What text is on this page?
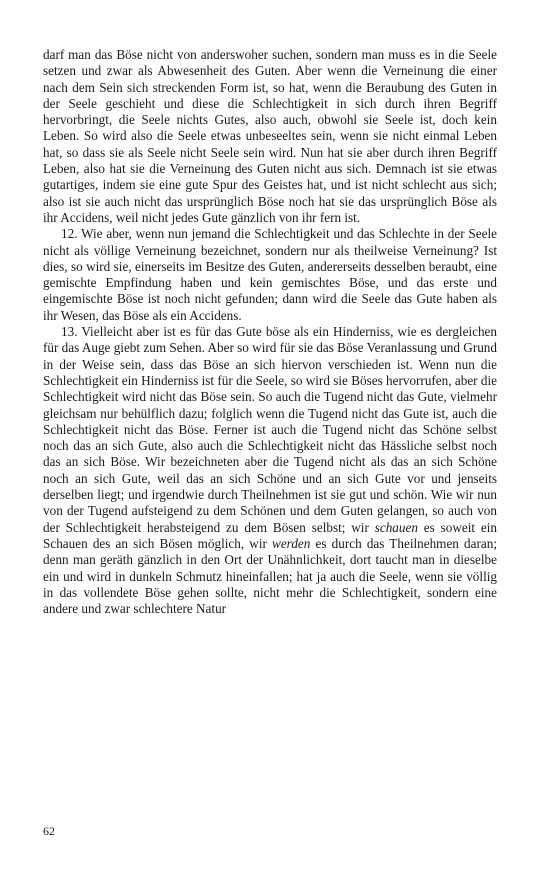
darf man das Böse nicht von anderswoher suchen, sondern man muss es in die Seele setzen und zwar als Abwesenheit des Guten. Aber wenn die Verneinung die einer nach dem Sein sich streckenden Form ist, so hat, wenn die Beraubung des Guten in der Seele geschieht und diese die Schlechtigkeit in sich durch ihren Begriff hervorbringt, die Seele nichts Gutes, also auch, obwohl sie Seele ist, doch kein Leben. So wird also die Seele etwas unbeseeltes sein, wenn sie nicht einmal Leben hat, so dass sie als Seele nicht Seele sein wird. Nun hat sie aber durch ihren Begriff Leben, also hat sie die Verneinung des Guten nicht aus sich. Demnach ist sie etwas gutartiges, indem sie eine gute Spur des Geistes hat, und ist nicht schlecht aus sich; also ist sie auch nicht das ursprünglich Böse noch hat sie das ursprünglich Böse als ihr Accidens, weil nicht jedes Gute gänzlich von ihr fern ist.

12. Wie aber, wenn nun jemand die Schlechtigkeit und das Schlechte in der Seele nicht als völlige Verneinung bezeichnet, sondern nur als theilweise Verneinung? Ist dies, so wird sie, einerseits im Besitze des Guten, andererseits desselben beraubt, eine gemischte Empfindung haben und kein gemischtes Böse, und das erste und eingemischte Böse ist noch nicht gefunden; dann wird die Seele das Gute haben als ihr Wesen, das Böse als ein Accidens.

13. Vielleicht aber ist es für das Gute böse als ein Hinderniss, wie es dergleichen für das Auge giebt zum Sehen. Aber so wird für sie das Böse Veranlassung und Grund in der Weise sein, dass das Böse an sich hiervon verschieden ist. Wenn nun die Schlechtigkeit ein Hinderniss ist für die Seele, so wird sie Böses hervorrufen, aber die Schlechtigkeit wird nicht das Böse sein. So auch die Tugend nicht das Gute, vielmehr gleichsam nur behülflich dazu; folglich wenn die Tugend nicht das Gute ist, auch die Schlechtigkeit nicht das Böse. Ferner ist auch die Tugend nicht das Schöne selbst noch das an sich Gute, also auch die Schlechtigkeit nicht das Hässliche selbst noch das an sich Böse. Wir bezeichneten aber die Tugend nicht als das an sich Schöne noch an sich Gute, weil das an sich Schöne und an sich Gute vor und jenseits derselben liegt; und irgendwie durch Theilnehmen ist sie gut und schön. Wie wir nun von der Tugend aufsteigend zu dem Schönen und dem Guten gelangen, so auch von der Schlechtigkeit herabsteigend zu dem Bösen selbst; wir schauen es soweit ein Schauen des an sich Bösen möglich, wir werden es durch das Theilnehmen daran; denn man geräth gänzlich in den Ort der Unähnlichkeit, dort taucht man in dieselbe ein und wird in dunkeln Schmutz hineinfallen; hat ja auch die Seele, wenn sie völlig in das vollendete Böse gehen sollte, nicht mehr die Schlechtigkeit, sondern eine andere und zwar schlechtere Natur

62
